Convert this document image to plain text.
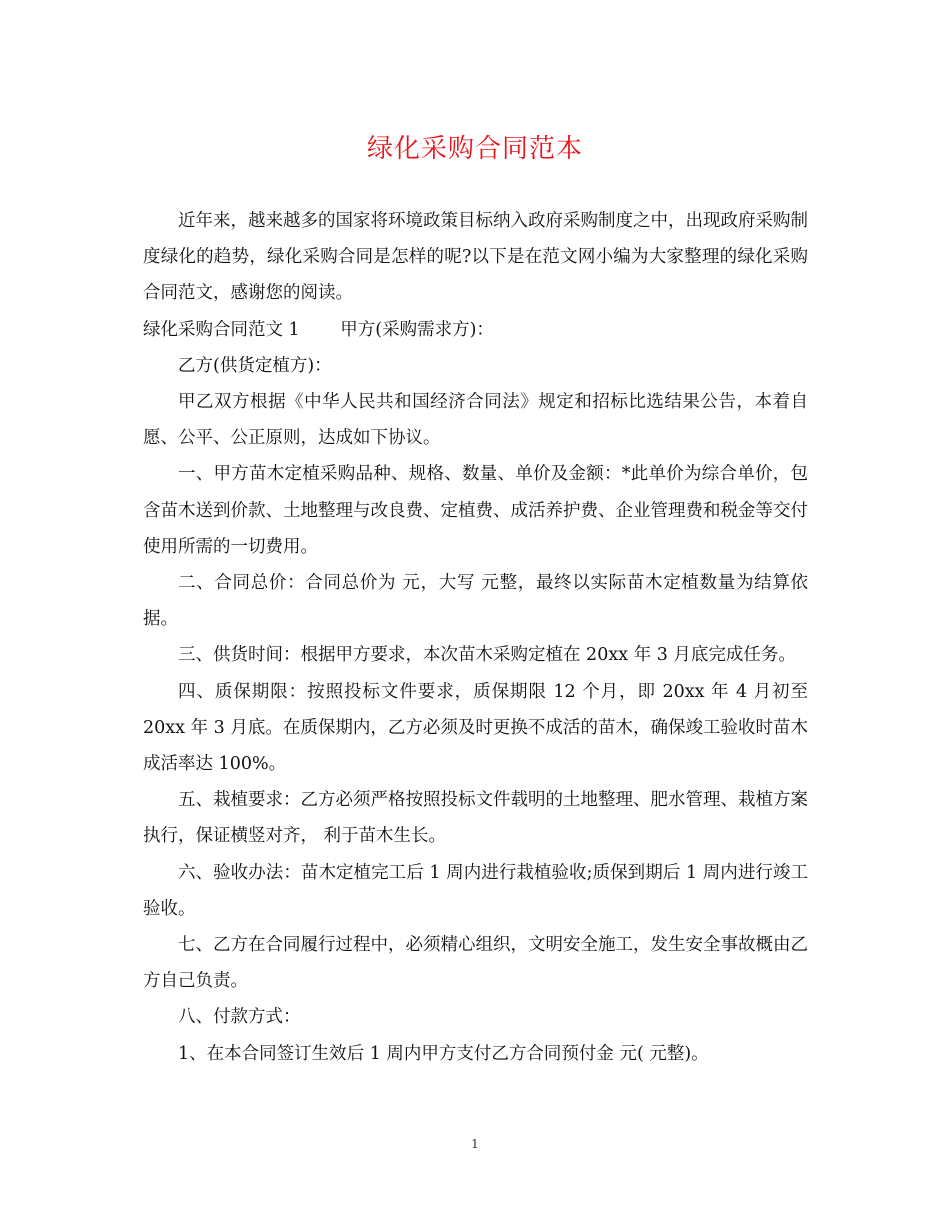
绿化采购合同范本

近年来，越来越多的国家将环境政策目标纳入政府采购制度之中，出现政府采购制度绿化的趋势，绿化采购合同是怎样的呢?以下是在范文网小编为大家整理的绿化采购合同范文，感谢您的阅读。

绿化采购合同范文 1　　 甲方(采购需求方)：

乙方(供货定植方)：

甲乙双方根据《中华人民共和国经济合同法》规定和招标比选结果公告，本着自愿、公平、公正原则，达成如下协议。

一、甲方苗木定植采购品种、规格、数量、单价及金额：*此单价为综合单价，包含苗木送到价款、土地整理与改良费、定植费、成活养护费、企业管理费和税金等交付使用所需的一切费用。

二、合同总价：合同总价为 元，大写 元整，最终以实际苗木定植数量为结算依据。

三、供货时间：根据甲方要求，本次苗木采购定植在 20xx 年 3 月底完成任务。

四、质保期限：按照投标文件要求，质保期限 12 个月，即 20xx 年 4 月初至 20xx 年 3 月底。在质保期内，乙方必须及时更换不成活的苗木，确保竣工验收时苗木成活率达 100%。

五、栽植要求：乙方必须严格按照投标文件载明的土地整理、肥水管理、栽植方案执行，保证横竖对齐， 利于苗木生长。

六、验收办法：苗木定植完工后 1 周内进行栽植验收;质保到期后 1 周内进行竣工验收。

七、乙方在合同履行过程中，必须精心组织，文明安全施工，发生安全事故概由乙方自己负责。

八、付款方式：

1、在本合同签订生效后 1 周内甲方支付乙方合同预付金 元( 元整)。

1
